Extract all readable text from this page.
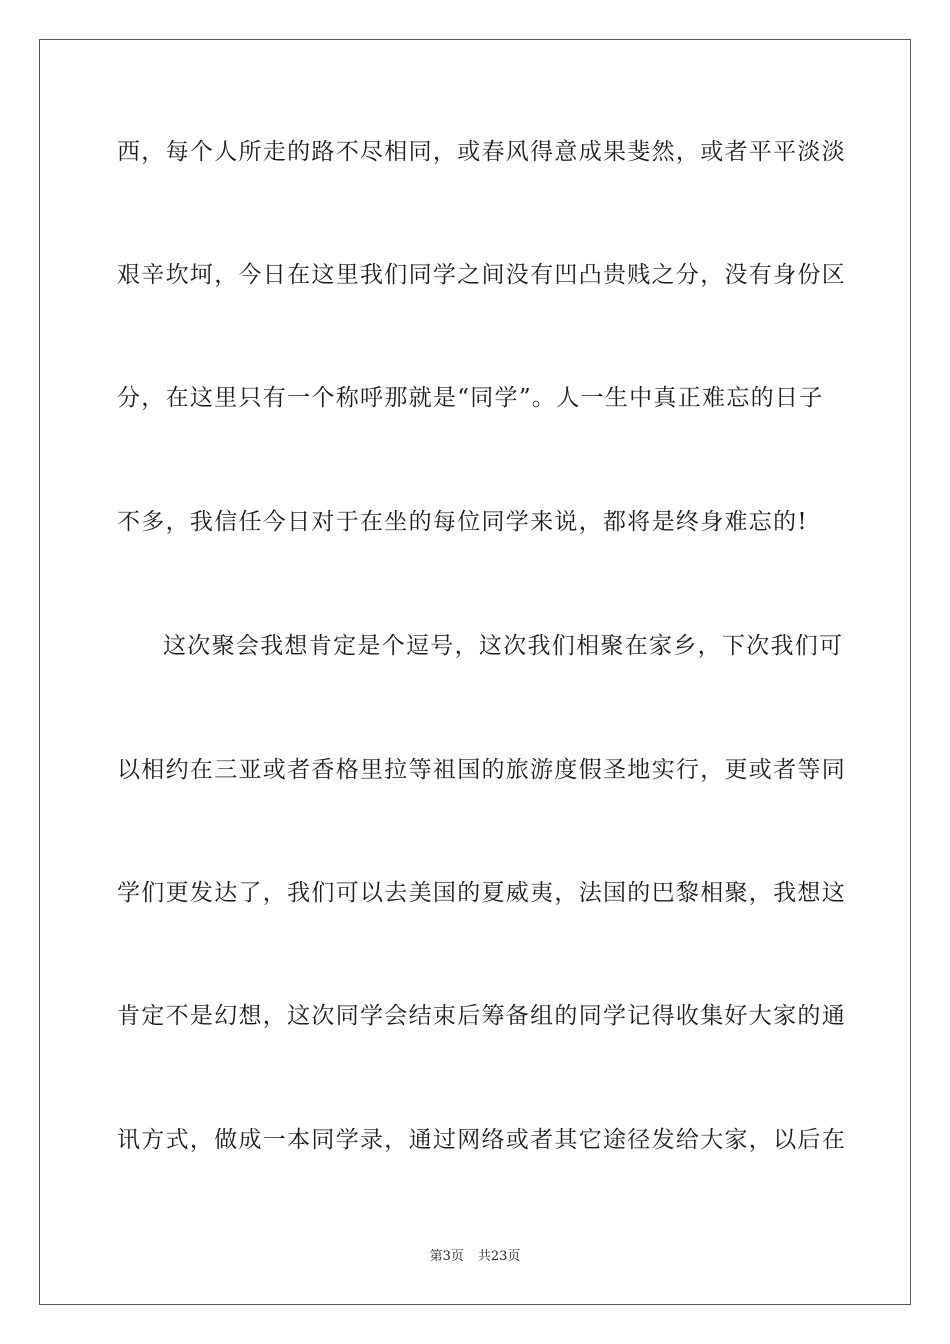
西，每个人所走的路不尽相同，或春风得意成果斐然，或者平平淡淡
艰辛坎坷，今日在这里我们同学之间没有凹凸贵贱之分，没有身份区
分，在这里只有一个称呼那就是“同学”。人一生中真正难忘的日子
不多，我信任今日对于在坐的每位同学来说，都将是终身难忘的!
这次聚会我想肯定是个逗号，这次我们相聚在家乡，下次我们可
以相约在三亚或者香格里拉等祖国的旅游度假圣地实行，更或者等同
学们更发达了，我们可以去美国的夏威夷，法国的巴黎相聚，我想这
肯定不是幻想，这次同学会结束后筹备组的同学记得收集好大家的通
讯方式，做成一本同学录，通过网络或者其它途径发给大家，以后在
第3页 共23页
